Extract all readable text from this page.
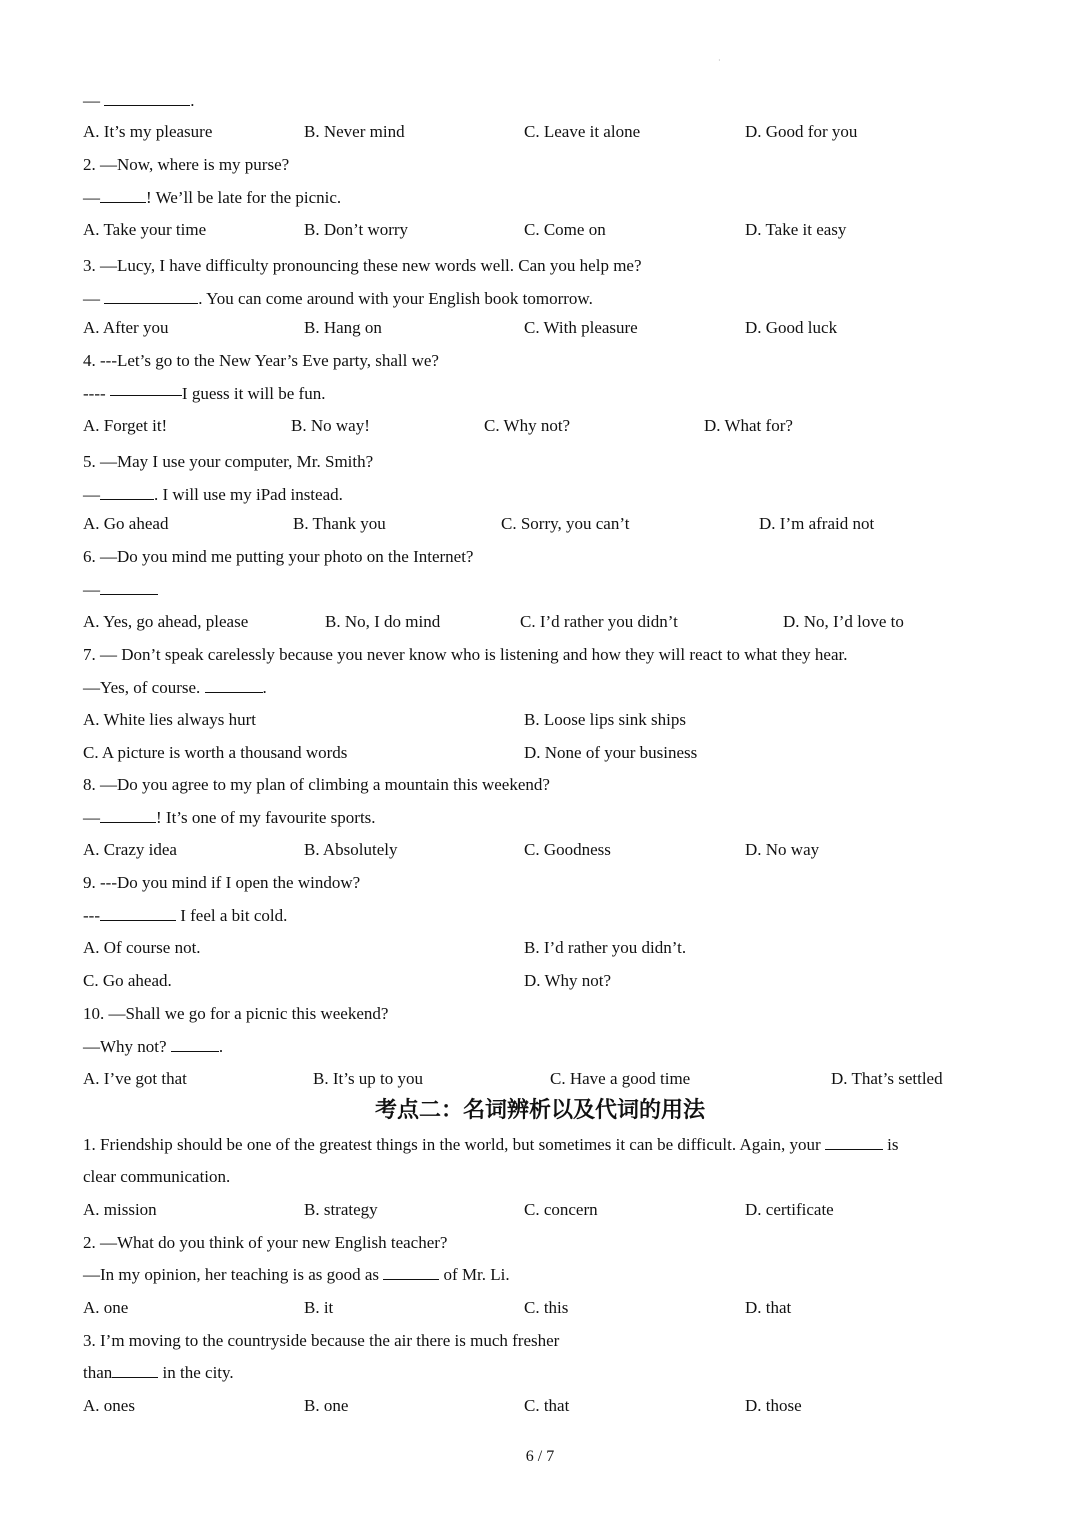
·
—	.
A. It’s my pleasure	B. Never mind	C. Leave it alone	D. Good for you
2. —Now, where is my purse?
—	! We’ll be late for the picnic.
A. Take your time	B. Don’t worry	C. Come on	D. Take it easy
3. —Lucy, I have difficulty pronouncing these new words well. Can you help me?
—	. You can come around with your English book tomorrow.
A. After you	B. Hang on	C. With pleasure	D. Good luck
4. ---Let’s go to the New Year’s Eve party, shall we?
----	I guess it will be fun.
A. Forget it!	B. No way!	C. Why not?	D. What for?
5. —May I use your computer, Mr. Smith?
—	. I will use my iPad instead.
A. Go ahead	B. Thank you	C. Sorry, you can’t	D. I’m afraid not
6. —Do you mind me putting your photo on the Internet?
—
A. Yes, go ahead, please	B. No, I do mind	C. I’d rather you didn’t	D. No, I’d love to
7. — Don’t speak carelessly because you never know who is listening and how they will react to what they hear.
—Yes, of course.	.
A. White lies always hurt	B. Loose lips sink ships
C. A picture is worth a thousand words	D. None of your business
8. —Do you agree to my plan of climbing a mountain this weekend?
—	! It’s one of my favourite sports.
A. Crazy idea	B. Absolutely	C. Goodness	D. No way
9. ---Do you mind if I open the window?
---	I feel a bit cold.
A. Of course not.	B. I’d rather you didn’t.
C. Go ahead.	D. Why not?
10. —Shall we go for a picnic this weekend?
—Why not?	.
A. I’ve got that	B. It’s up to you	C. Have a good time	D. That’s settled
考点二：名词辨析以及代词的用法
1. Friendship should be one of the greatest things in the world, but sometimes it can be difficult. Again, your	is
clear communication.
A. mission	B. strategy	C. concern	D. certificate
2. —What do you think of your new English teacher?
—In my opinion, her teaching is as good as	of Mr. Li.
A. one	B. it	C. this	D. that
3. I’m moving to the countryside because the air there is much fresher
than	in the city.
A. ones	B. one	C. that	D. those
6 / 7
